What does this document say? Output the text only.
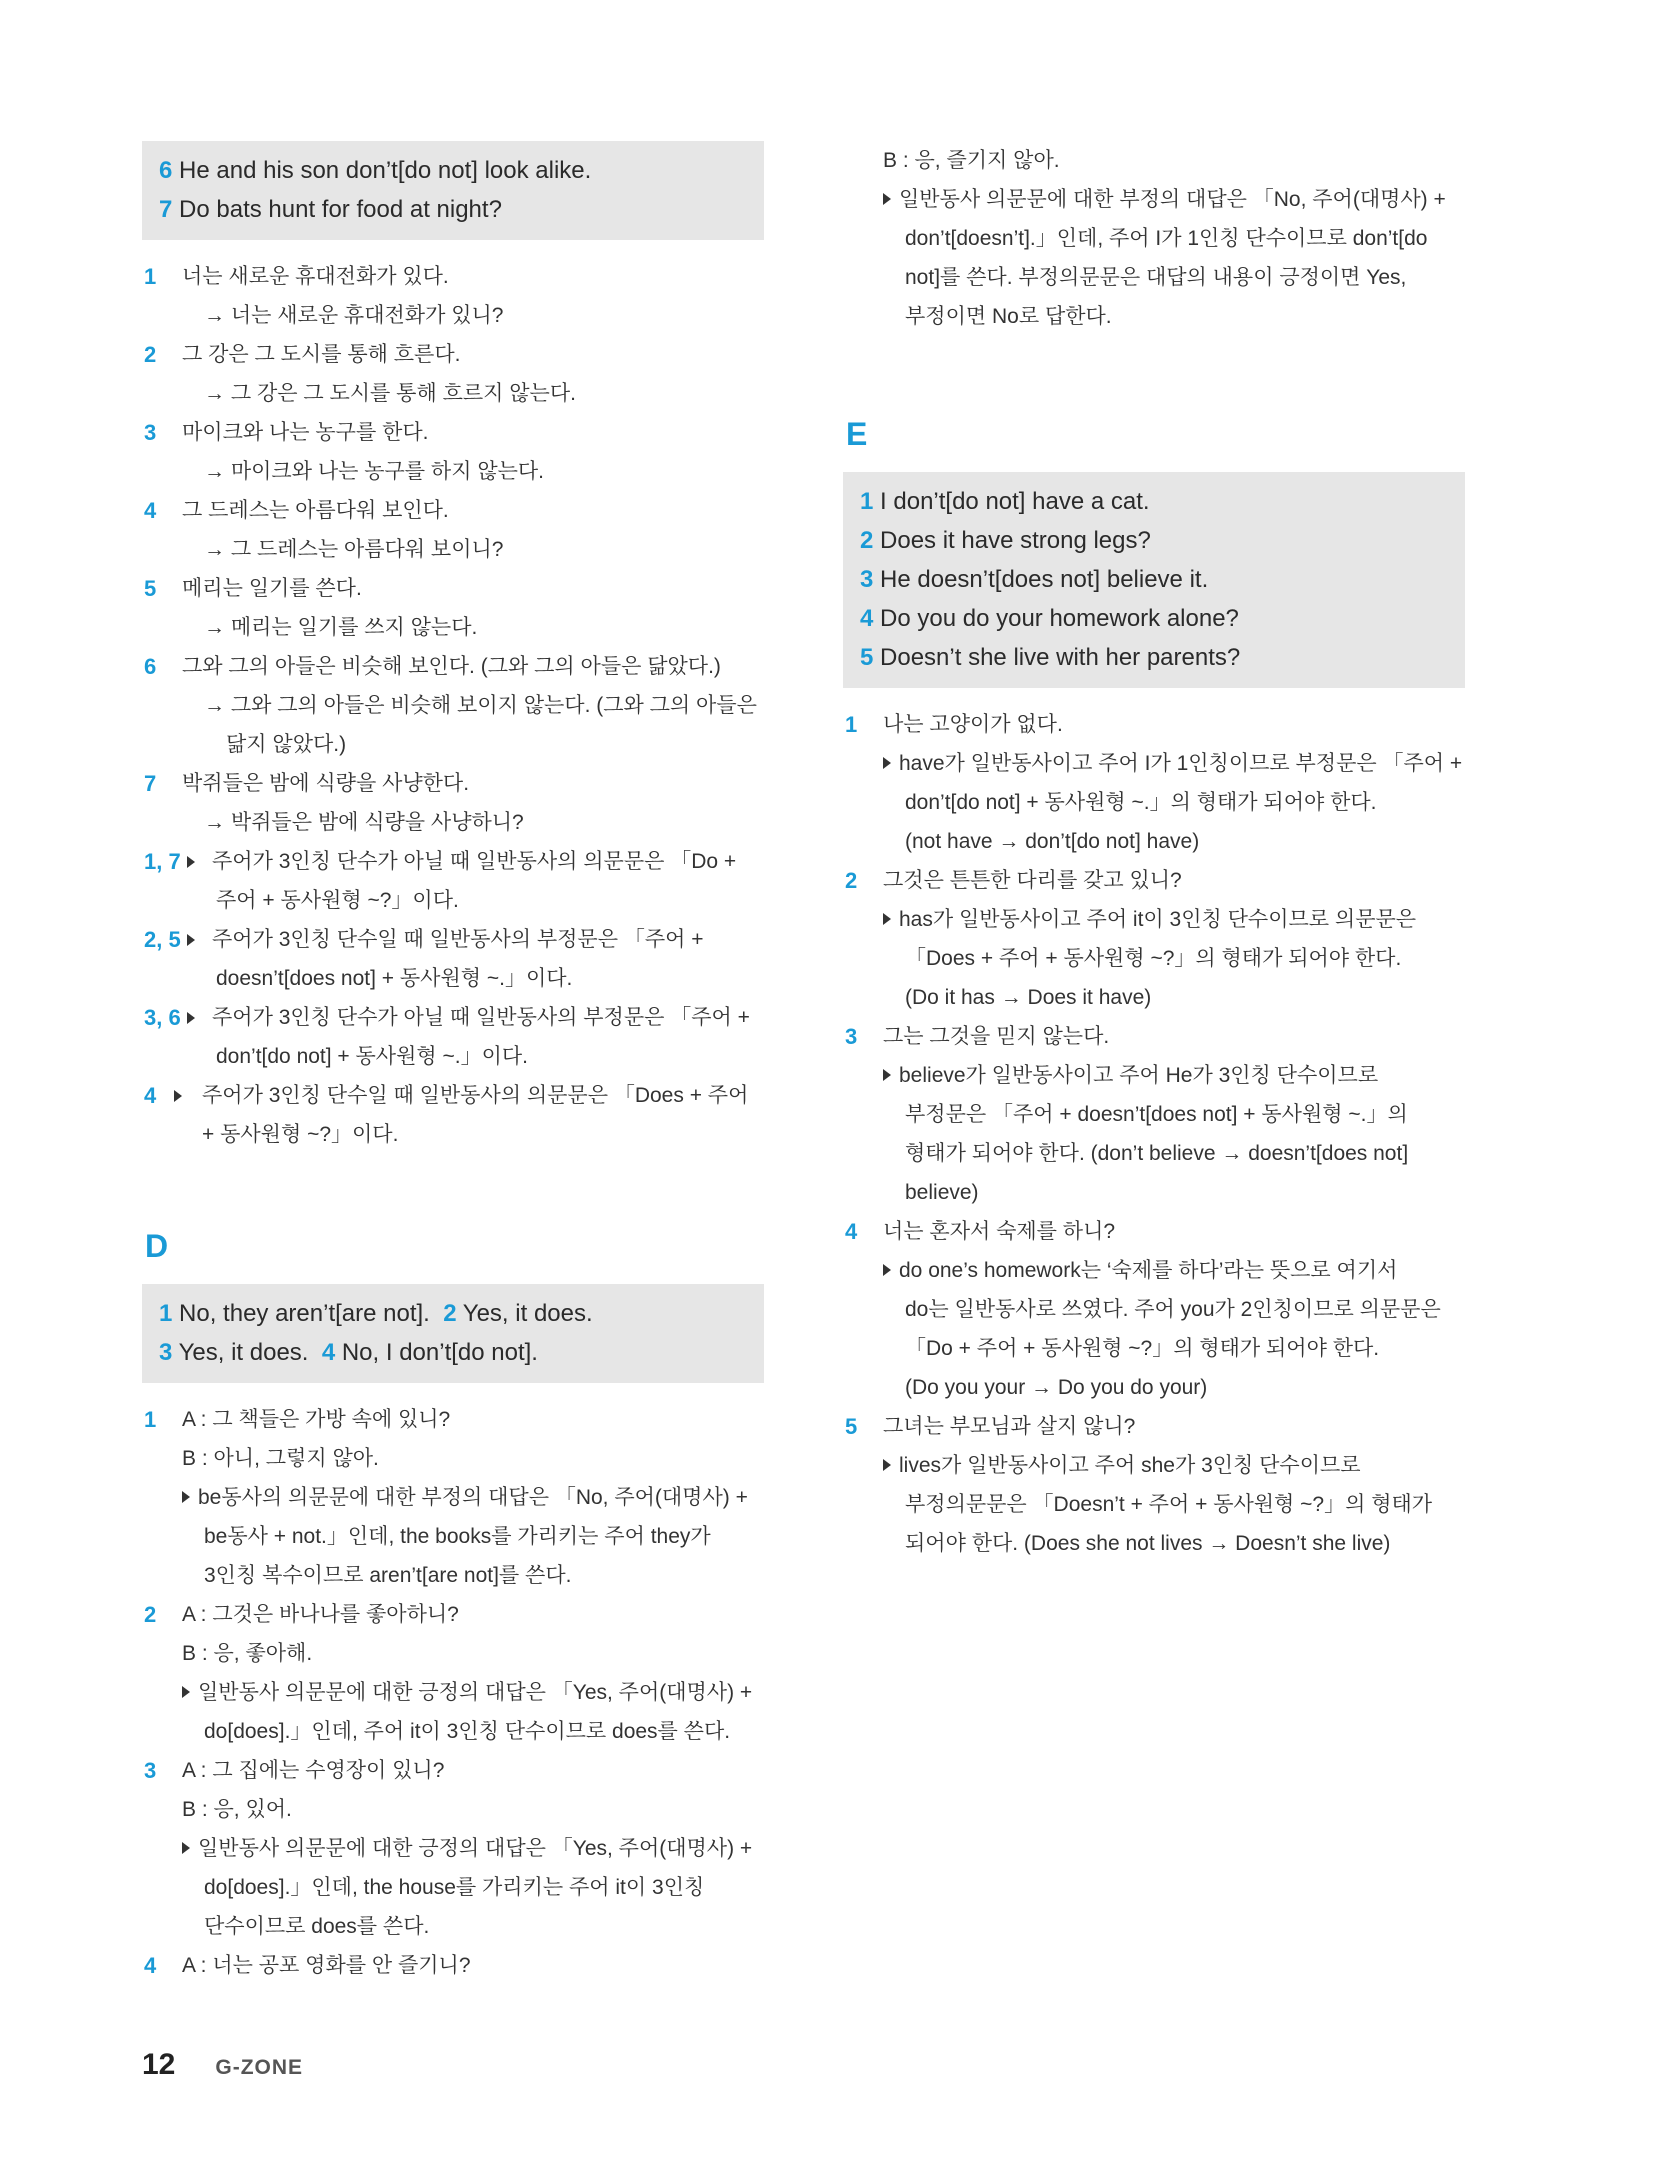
6 He and his son don’t[do not] look alike.
7 Do bats hunt for food at night?
1 너는 새로운 휴대전화가 있다.
→ 너는 새로운 휴대전화가 있니?
2 그 강은 그 도시를 통해 흐른다.
→ 그 강은 그 도시를 통해 흐르지 않는다.
3 마이크와 나는 농구를 한다.
→ 마이크와 나는 농구를 하지 않는다.
4 그 드레스는 아름다워 보인다.
→ 그 드레스는 아름다워 보이니?
5 메리는 일기를 쓴다.
→ 메리는 일기를 쓰지 않는다.
6 그와 그의 아들은 비슷해 보인다. (그와 그의 아들은 닮았다.)
→ 그와 그의 아들은 비슷해 보이지 않는다. (그와 그의 아들은
닮지 않았다.)
7 박쥐들은 밤에 식량을 사냥한다.
→ 박쥐들은 밤에 식량을 사냥하니?
1, 7	주어가 3인칭 단수가 아닐 때 일반동사의 의문문은 「Do +
주어 + 동사원형 ~?」이다.
2, 5	주어가 3인칭 단수일 때 일반동사의 부정문은 「주어 +
doesn’t[does not] + 동사원형 ~.」이다.
3, 6	주어가 3인칭 단수가 아닐 때 일반동사의 부정문은 「주어 +
don’t[do not] + 동사원형 ~.」이다.
4	주어가 3인칭 단수일 때 일반동사의 의문문은 「Does + 주어
+ 동사원형 ~?」이다.
D
1 No, they aren’t[are not]. 2 Yes, it does.
3 Yes, it does. 4 No, I don’t[do not].
1 A : 그 책들은 가방 속에 있니?
B : 아니, 그렇지 않아.
be동사의 의문문에 대한 부정의 대답은 「No, 주어(대명사) +
be동사 + not.」인데, the books를 가리키는 주어 they가
3인칭 복수이므로 aren’t[are not]를 쓴다.
2 A : 그것은 바나나를 좋아하니?
B : 응, 좋아해.
일반동사 의문문에 대한 긍정의 대답은 「Yes, 주어(대명사) +
do[does].」인데, 주어 it이 3인칭 단수이므로 does를 쓴다.
3 A : 그 집에는 수영장이 있니?
B : 응, 있어.
일반동사 의문문에 대한 긍정의 대답은 「Yes, 주어(대명사) +
do[does].」인데, the house를 가리키는 주어 it이 3인칭
단수이므로 does를 쓴다.
4 A : 너는 공포 영화를 안 즐기니?
B : 응, 즐기지 않아.
일반동사 의문문에 대한 부정의 대답은 「No, 주어(대명사) +
don’t[doesn’t].」인데, 주어 I가 1인칭 단수이므로 don’t[do
not]를 쓴다. 부정의문문은 대답의 내용이 긍정이면 Yes,
부정이면 No로 답한다.
E
1 I don’t[do not] have a cat.
2 Does it have strong legs?
3 He doesn’t[does not] believe it.
4 Do you do your homework alone?
5 Doesn’t she live with her parents?
1 나는 고양이가 없다.
have가 일반동사이고 주어 I가 1인칭이므로 부정문은 「주어 +
don’t[do not] + 동사원형 ~.」의 형태가 되어야 한다.
(not have → don’t[do not] have)
2 그것은 튼튼한 다리를 갖고 있니?
has가 일반동사이고 주어 it이 3인칭 단수이므로 의문문은
「Does + 주어 + 동사원형 ~?」의 형태가 되어야 한다.
(Do it has → Does it have)
3 그는 그것을 믿지 않는다.
believe가 일반동사이고 주어 He가 3인칭 단수이므로
부정문은 「주어 + doesn’t[does not] + 동사원형 ~.」의
형태가 되어야 한다. (don’t believe → doesn’t[does not]
believe)
4 너는 혼자서 숙제를 하니?
do one’s homework는 ‘숙제를 하다’라는 뜻으로 여기서
do는 일반동사로 쓰였다. 주어 you가 2인칭이므로 의문문은
「Do + 주어 + 동사원형 ~?」의 형태가 되어야 한다.
(Do you your → Do you do your)
5 그녀는 부모님과 살지 않니?
lives가 일반동사이고 주어 she가 3인칭 단수이므로
부정의문문은 「Doesn’t + 주어 + 동사원형 ~?」의 형태가
되어야 한다. (Does she not lives → Doesn’t she live)
12 G-ZONE
